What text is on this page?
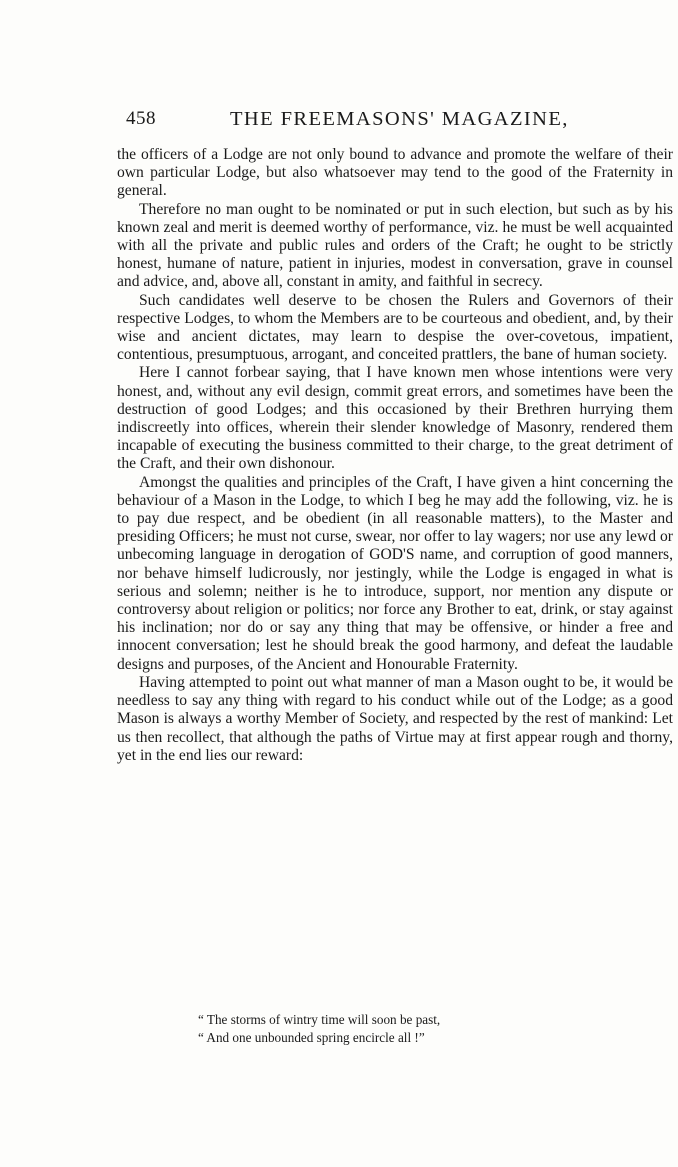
458	THE FREEMASONS' MAGAZINE,

the officers of a Lodge are not only bound to advance and promote the welfare of their own particular Lodge, but also whatsoever may tend to the good of the Fraternity in general.

Therefore no man ought to be nominated or put in such election, but such as by his known zeal and merit is deemed worthy of performance, viz. he must be well acquainted with all the private and public rules and orders of the Craft; he ought to be strictly honest, humane of nature, patient in injuries, modest in conversation, grave in counsel and advice, and, above all, constant in amity, and faithful in secrecy.

Such candidates well deserve to be chosen the Rulers and Governors of their respective Lodges, to whom the Members are to be courteous and obedient, and, by their wise and ancient dictates, may learn to despise the over-covetous, impatient, contentious, presumptuous, arrogant, and conceited prattlers, the bane of human society.

Here I cannot forbear saying, that I have known men whose intentions were very honest, and, without any evil design, commit great errors, and sometimes have been the destruction of good Lodges; and this occasioned by their Brethren hurrying them indiscreetly into offices, wherein their slender knowledge of Masonry, rendered them incapable of executing the business committed to their charge, to the great detriment of the Craft, and their own dishonour.

Amongst the qualities and principles of the Craft, I have given a hint concerning the behaviour of a Mason in the Lodge, to which I beg he may add the following, viz. he is to pay due respect, and be obedient (in all reasonable matters), to the Master and presiding Officers; he must not curse, swear, nor offer to lay wagers; nor use any lewd or unbecoming language in derogation of GOD'S name, and corruption of good manners, nor behave himself ludicrously, nor jestingly, while the Lodge is engaged in what is serious and solemn; neither is he to introduce, support, nor mention any dispute or controversy about religion or politics; nor force any Brother to eat, drink, or stay against his inclination; nor do or say any thing that may be offensive, or hinder a free and innocent conversation; lest he should break the good harmony, and defeat the laudable designs and purposes, of the Ancient and Honourable Fraternity.

Having attempted to point out what manner of man a Mason ought to be, it would be needless to say any thing with regard to his conduct while out of the Lodge; as a good Mason is always a worthy Member of Society, and respected by the rest of mankind: Let us then recollect, that although the paths of Virtue may at first appear rough and thorny, yet in the end lies our reward:

“ The storms of wintry time will soon be past,
“ And one unbounded spring encircle all !”
